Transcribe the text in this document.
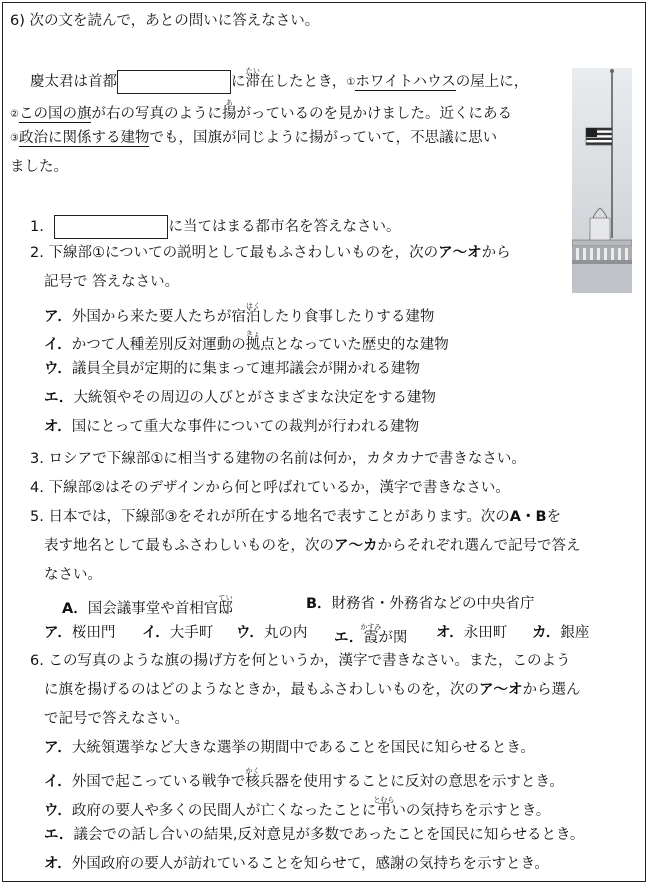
6) 次の文を読んで，あとの問いに答えなさい。
慶太君は首都	に滞たい在したとき，①ホワイトハウスの屋上に，
②この国の旗が右の写真のように揚あがっているのを見かけました。近くにある
③政治に関係する建物でも，国旗が同じように揚がっていて，不思議に思い
ました。
1.	に当てはまる都市名を答えなさい。
2. 下線部①についての説明として最もふさわしいものを，次のア〜オから
記号で 答えなさい。
ア．外国から来た要人たちが宿泊はくしたり食事したりする建物
イ．かつて人種差別反対運動の拠きょ点となっていた歴史的な建物
ウ．議員全員が定期的に集まって連邦議会が開かれる建物
エ．大統領やその周辺の人びとがさまざまな決定をする建物
オ．国にとって重大な事件についての裁判が行われる建物
3. ロシアで下線部①に相当する建物の名前は何か，カタカナで書きなさい。
4. 下線部②はそのデザインから何と呼ばれているか，漢字で書きなさい。
5. 日本では，下線部③をそれが所在する地名で表すことがあります。次のA・Bを
表す地名として最もふさわしいものを，次のア〜カからそれぞれ選んで記号で答え
なさい。
A．国会議事堂や首相官邸てい	B．財務省・外務省などの中央省庁
ア．桜田門 イ．大手町 ウ．丸の内 エ．霞かすみが関 オ．永田町 カ．銀座
6. この写真のような旗の揚げ方を何というか，漢字で書きなさい。また，このよう
に旗を揚げるのはどのようなときか，最もふさわしいものを，次のア〜オから選ん
で記号で答えなさい。
ア．大統領選挙など大きな選挙の期間中であることを国民に知らせるとき。
イ．外国で起こっている戦争で核かく兵器を使用することに反対の意思を示すとき。
ウ．政府の要人や多くの民間人が亡くなったことに弔とむらいの気持ちを示すとき。
エ．議会での話し合いの結果,反対意見が多数であったことを国民に知らせるとき。
オ．外国政府の要人が訪れていることを知らせて，感謝の気持ちを示すとき。
